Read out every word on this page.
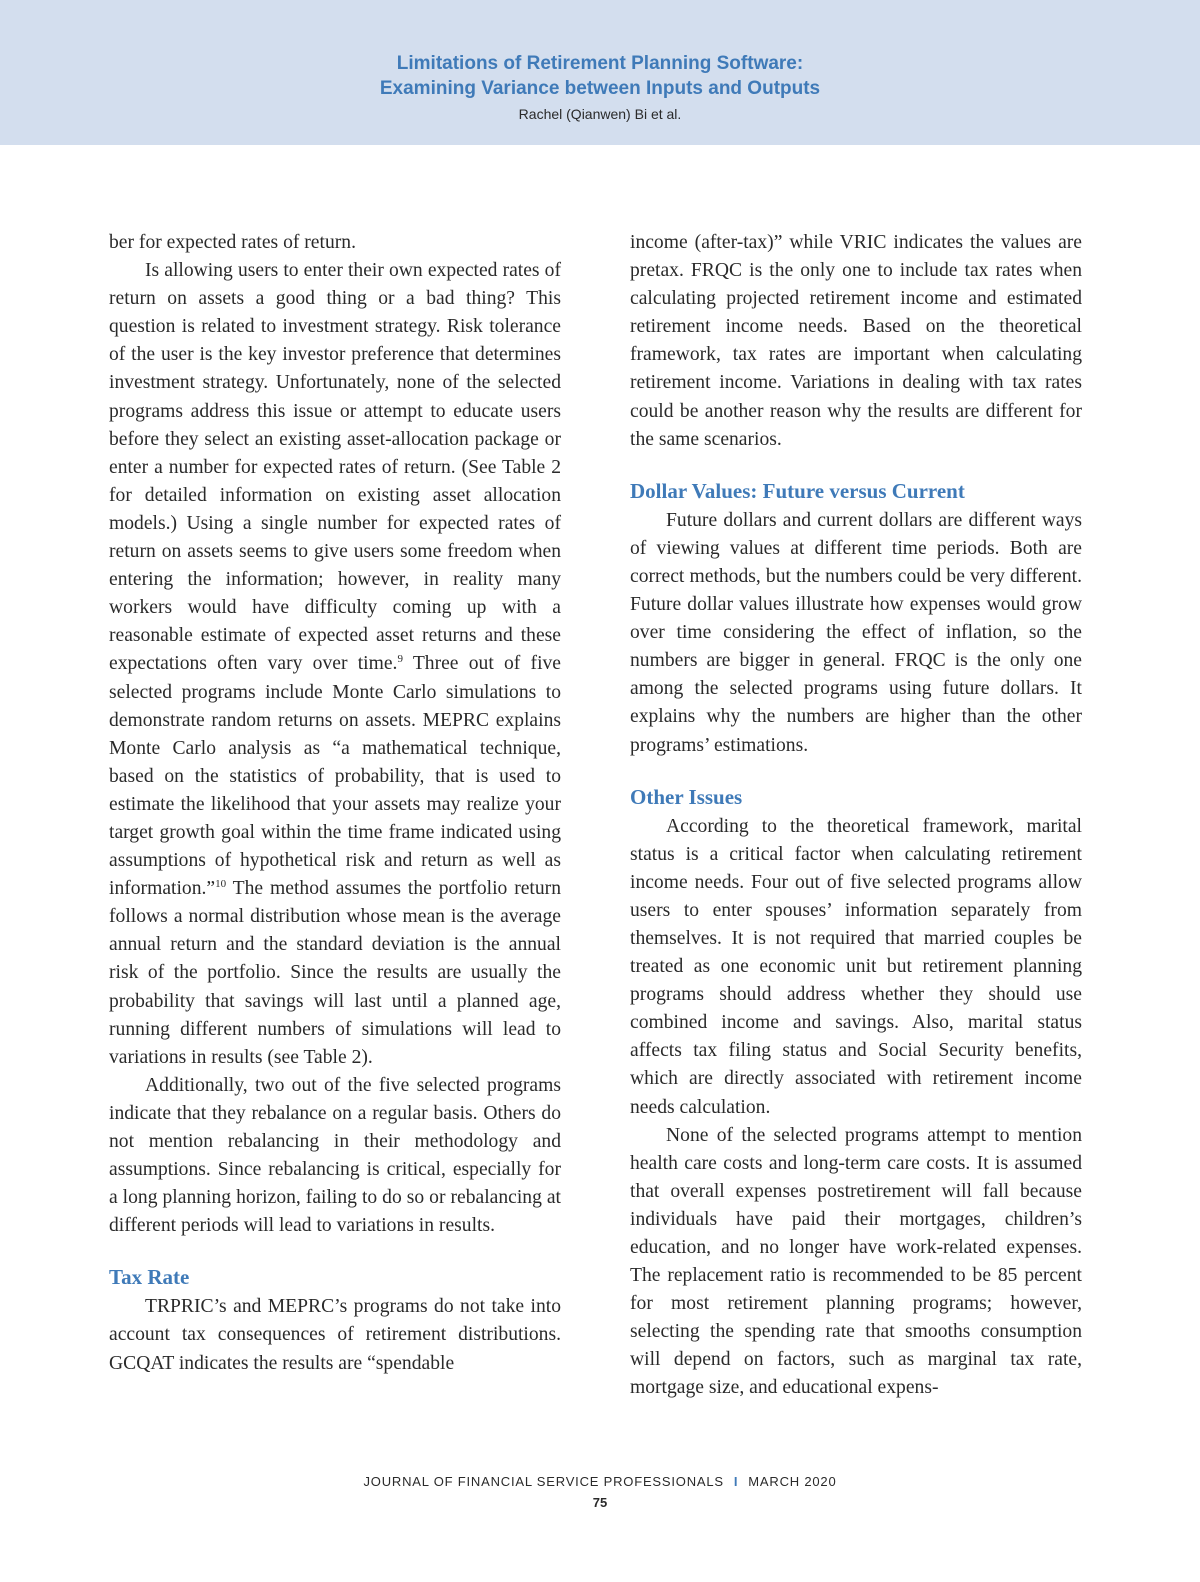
Limitations of Retirement Planning Software:
Examining Variance between Inputs and Outputs
Rachel (Qianwen) Bi et al.

ber for expected rates of return.

Is allowing users to enter their own expected rates of return on assets a good thing or a bad thing? This question is related to investment strategy. Risk tolerance of the user is the key investor preference that determines investment strategy. Unfortunately, none of the selected programs address this issue or attempt to educate users before they select an existing asset-allocation package or enter a number for expected rates of return. (See Table 2 for detailed information on existing asset allocation models.) Using a single number for expected rates of return on assets seems to give users some freedom when entering the information; however, in reality many workers would have difficulty coming up with a reasonable estimate of expected asset returns and these expectations often vary over time.$^9$ Three out of five selected programs include Monte Carlo simulations to demonstrate random returns on assets. MEPRC explains Monte Carlo analysis as “a mathematical technique, based on the statistics of probability, that is used to estimate the likelihood that your assets may realize your target growth goal within the time frame indicated using assumptions of hypothetical risk and return as well as information.”$^{10}$ The method assumes the portfolio return follows a normal distribution whose mean is the average annual return and the standard deviation is the annual risk of the portfolio. Since the results are usually the probability that savings will last until a planned age, running different numbers of simulations will lead to variations in results (see Table 2).

Additionally, two out of the five selected programs indicate that they rebalance on a regular basis. Others do not mention rebalancing in their methodology and assumptions. Since rebalancing is critical, especially for a long planning horizon, failing to do so or rebalancing at different periods will lead to variations in results.

Tax Rate

TRPRIC’s and MEPRC’s programs do not take into account tax consequences of retirement distributions. GCQAT indicates the results are “spendable

income (after-tax)” while VRIC indicates the values are pretax. FRQC is the only one to include tax rates when calculating projected retirement income and estimated retirement income needs. Based on the theoretical framework, tax rates are important when calculating retirement income. Variations in dealing with tax rates could be another reason why the results are different for the same scenarios.

Dollar Values: Future versus Current

Future dollars and current dollars are different ways of viewing values at different time periods. Both are correct methods, but the numbers could be very different. Future dollar values illustrate how expenses would grow over time considering the effect of inflation, so the numbers are bigger in general. FRQC is the only one among the selected programs using future dollars. It explains why the numbers are higher than the other programs’ estimations.

Other Issues

According to the theoretical framework, marital status is a critical factor when calculating retirement income needs. Four out of five selected programs allow users to enter spouses’ information separately from themselves. It is not required that married couples be treated as one economic unit but retirement planning programs should address whether they should use combined income and savings. Also, marital status affects tax filing status and Social Security benefits, which are directly associated with retirement income needs calculation.

None of the selected programs attempt to mention health care costs and long-term care costs. It is assumed that overall expenses postretirement will fall because individuals have paid their mortgages, children’s education, and no longer have work-related expenses. The replacement ratio is recommended to be 85 percent for most retirement planning programs; however, selecting the spending rate that smooths consumption will depend on factors, such as marginal tax rate, mortgage size, and educational expens-

JOURNAL OF FINANCIAL SERVICE PROFESSIONALS I MARCH 2020
75
